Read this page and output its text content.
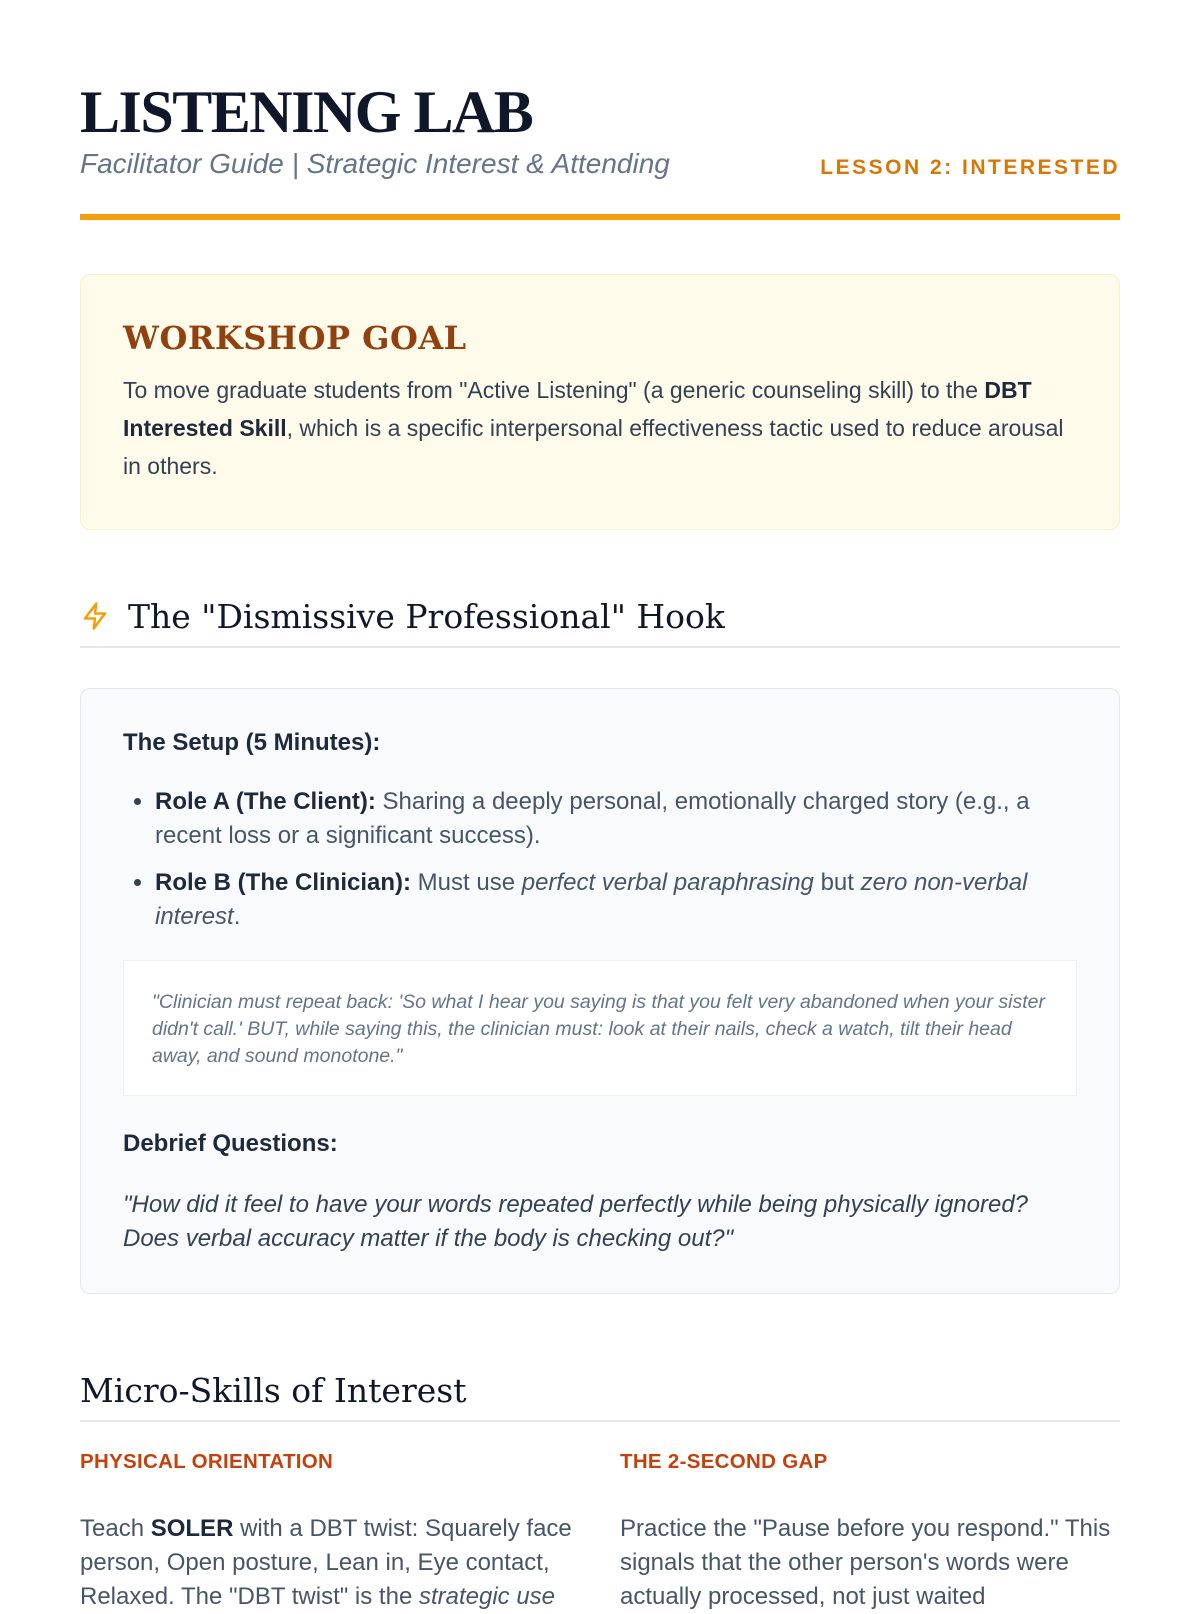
LISTENING LAB
Facilitator Guide | Strategic Interest & Attending	LESSON 2: INTERESTED
WORKSHOP GOAL

To move graduate students from "Active Listening" (a generic counseling skill) to the DBT Interested Skill, which is a specific interpersonal effectiveness tactic used to reduce arousal in others.

The "Dismissive Professional" Hook

The Setup (5 Minutes):

• Role A (The Client): Sharing a deeply personal, emotionally charged story (e.g., a recent loss or a significant success).
• Role B (The Clinician): Must use perfect verbal paraphrasing but zero non-verbal interest.

"Clinician must repeat back: 'So what I hear you saying is that you felt very abandoned when your sister didn't call.' BUT, while saying this, the clinician must: look at their nails, check a watch, tilt their head away, and sound monotone."

Debrief Questions:

"How did it feel to have your words repeated perfectly while being physically ignored? Does verbal accuracy matter if the body is checking out?"

Micro-Skills of Interest

PHYSICAL ORIENTATION

Teach SOLER with a DBT twist: Squarely face person, Open posture, Lean in, Eye contact, Relaxed. The "DBT twist" is the strategic use

THE 2-SECOND GAP

Practice the "Pause before you respond." This signals that the other person's words were actually processed, not just waited
